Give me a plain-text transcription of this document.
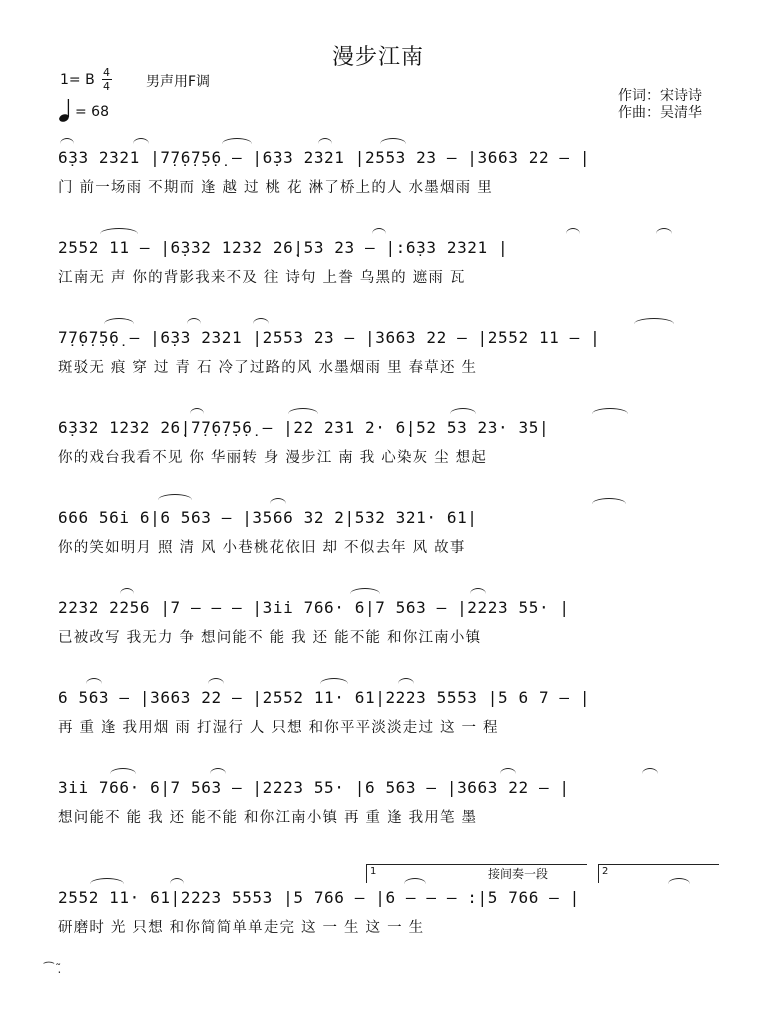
漫步江南
1= B 4
4	男声用F调
= 68
作词：宋诗诗
作曲：吴清华
6̣33 2321 |7̣7̣6̣7̣5̣6̣ – |6̣33 2321 |2553 23 – |3663 22 – |
门 前一场雨 不期而 逢 越 过 桃 花 淋了桥上的人 水墨烟雨 里
2552 11 – |6̣332 1232 26̣|53 23 – |:6̣33 2321 |
江南无 声 你的背影我来不及 往 诗句 上誊 乌黑的 遮雨 瓦
7̣7̣6̣7̣5̣6̣ – |6̣33 2321 |2553 23 – |3663 22 – |2552 11 – |
斑驳无 痕 穿 过 青 石 冷了过路的风 水墨烟雨 里 春草还 生
6̣332 1232 26̣|7̣7̣6̣7̣5̣6̣ – |22 231 2· 6̣|52 53 23· 35|
你的戏台我看不见 你 华丽转 身 漫步江 南 我 心染灰 尘 想起
666 56i 6|6 563 – |3566 32 2|532 321· 61|
你的笑如明月 照 清 风 小巷桃花依旧 却 不似去年 风 故事
2232 2256 |7 – – – |3ii 766· 6|7 563 – |2223 55· |
已被改写 我无力 争 想问能不 能 我 还 能不能 和你江南小镇
6 563 – |3663 22 – |2552 11· 61|2223 5553 |5 6 7 – |
再 重 逢 我用烟 雨 打湿行 人 只想 和你平平淡淡走过 这 一 程
3ii 766· 6|7 563 – |2223 55· |6 563 – |3663 22 – |
想问能不 能 我 还 能不能 和你江南小镇 再 重 逢 我用笔 墨
1	接间奏一段	2
2552 11· 61|2223 5553 |5 766 – |6 – – – :|5 766 – |
研磨时 光 只想 和你简简单单走完 这 一 生 这 一 生
⁀ .̃
